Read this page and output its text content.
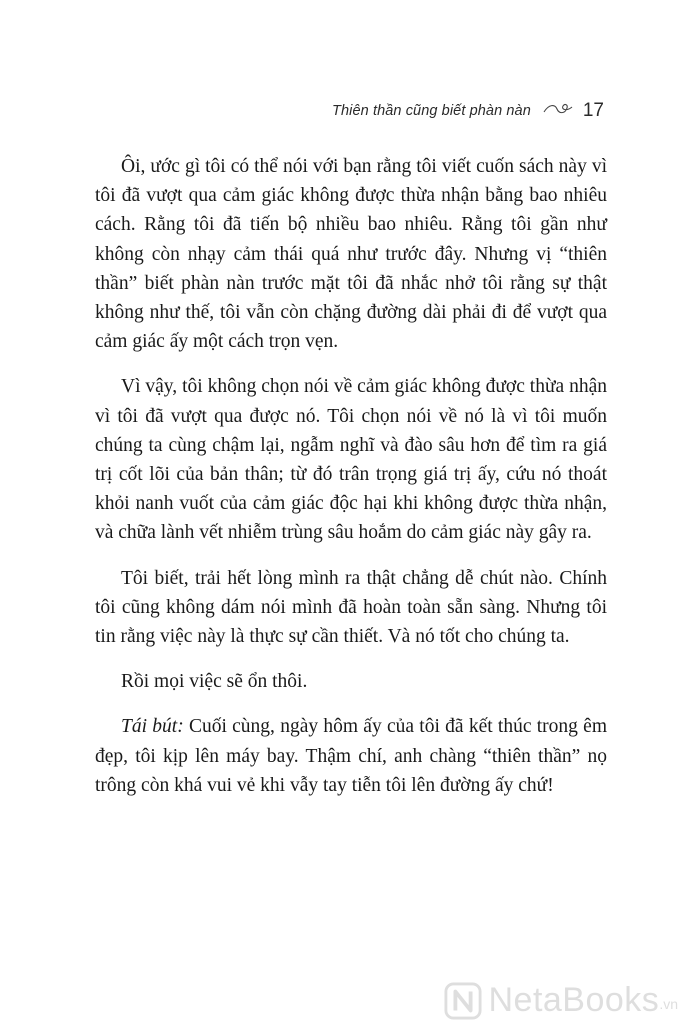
Thiên thần cũng biết phàn nàn	17

Ôi, ước gì tôi có thể nói với bạn rằng tôi viết cuốn sách này vì tôi đã vượt qua cảm giác không được thừa nhận bằng bao nhiêu cách. Rằng tôi đã tiến bộ nhiều bao nhiêu. Rằng tôi gần như không còn nhạy cảm thái quá như trước đây. Nhưng vị “thiên thần” biết phàn nàn trước mặt tôi đã nhắc nhở tôi rằng sự thật không như thế, tôi vẫn còn chặng đường dài phải đi để vượt qua cảm giác ấy một cách trọn vẹn.

Vì vậy, tôi không chọn nói về cảm giác không được thừa nhận vì tôi đã vượt qua được nó. Tôi chọn nói về nó là vì tôi muốn chúng ta cùng chậm lại, ngẫm nghĩ và đào sâu hơn để tìm ra giá trị cốt lõi của bản thân; từ đó trân trọng giá trị ấy, cứu nó thoát khỏi nanh vuốt của cảm giác độc hại khi không được thừa nhận, và chữa lành vết nhiễm trùng sâu hoắm do cảm giác này gây ra.

Tôi biết, trải hết lòng mình ra thật chẳng dễ chút nào. Chính tôi cũng không dám nói mình đã hoàn toàn sẵn sàng. Nhưng tôi tin rằng việc này là thực sự cần thiết. Và nó tốt cho chúng ta.

Rồi mọi việc sẽ ổn thôi.

Tái bút: Cuối cùng, ngày hôm ấy của tôi đã kết thúc trong êm đẹp, tôi kịp lên máy bay. Thậm chí, anh chàng “thiên thần” nọ trông còn khá vui vẻ khi vẫy tay tiễn tôi lên đường ấy chứ!

NetaBooks .vn
